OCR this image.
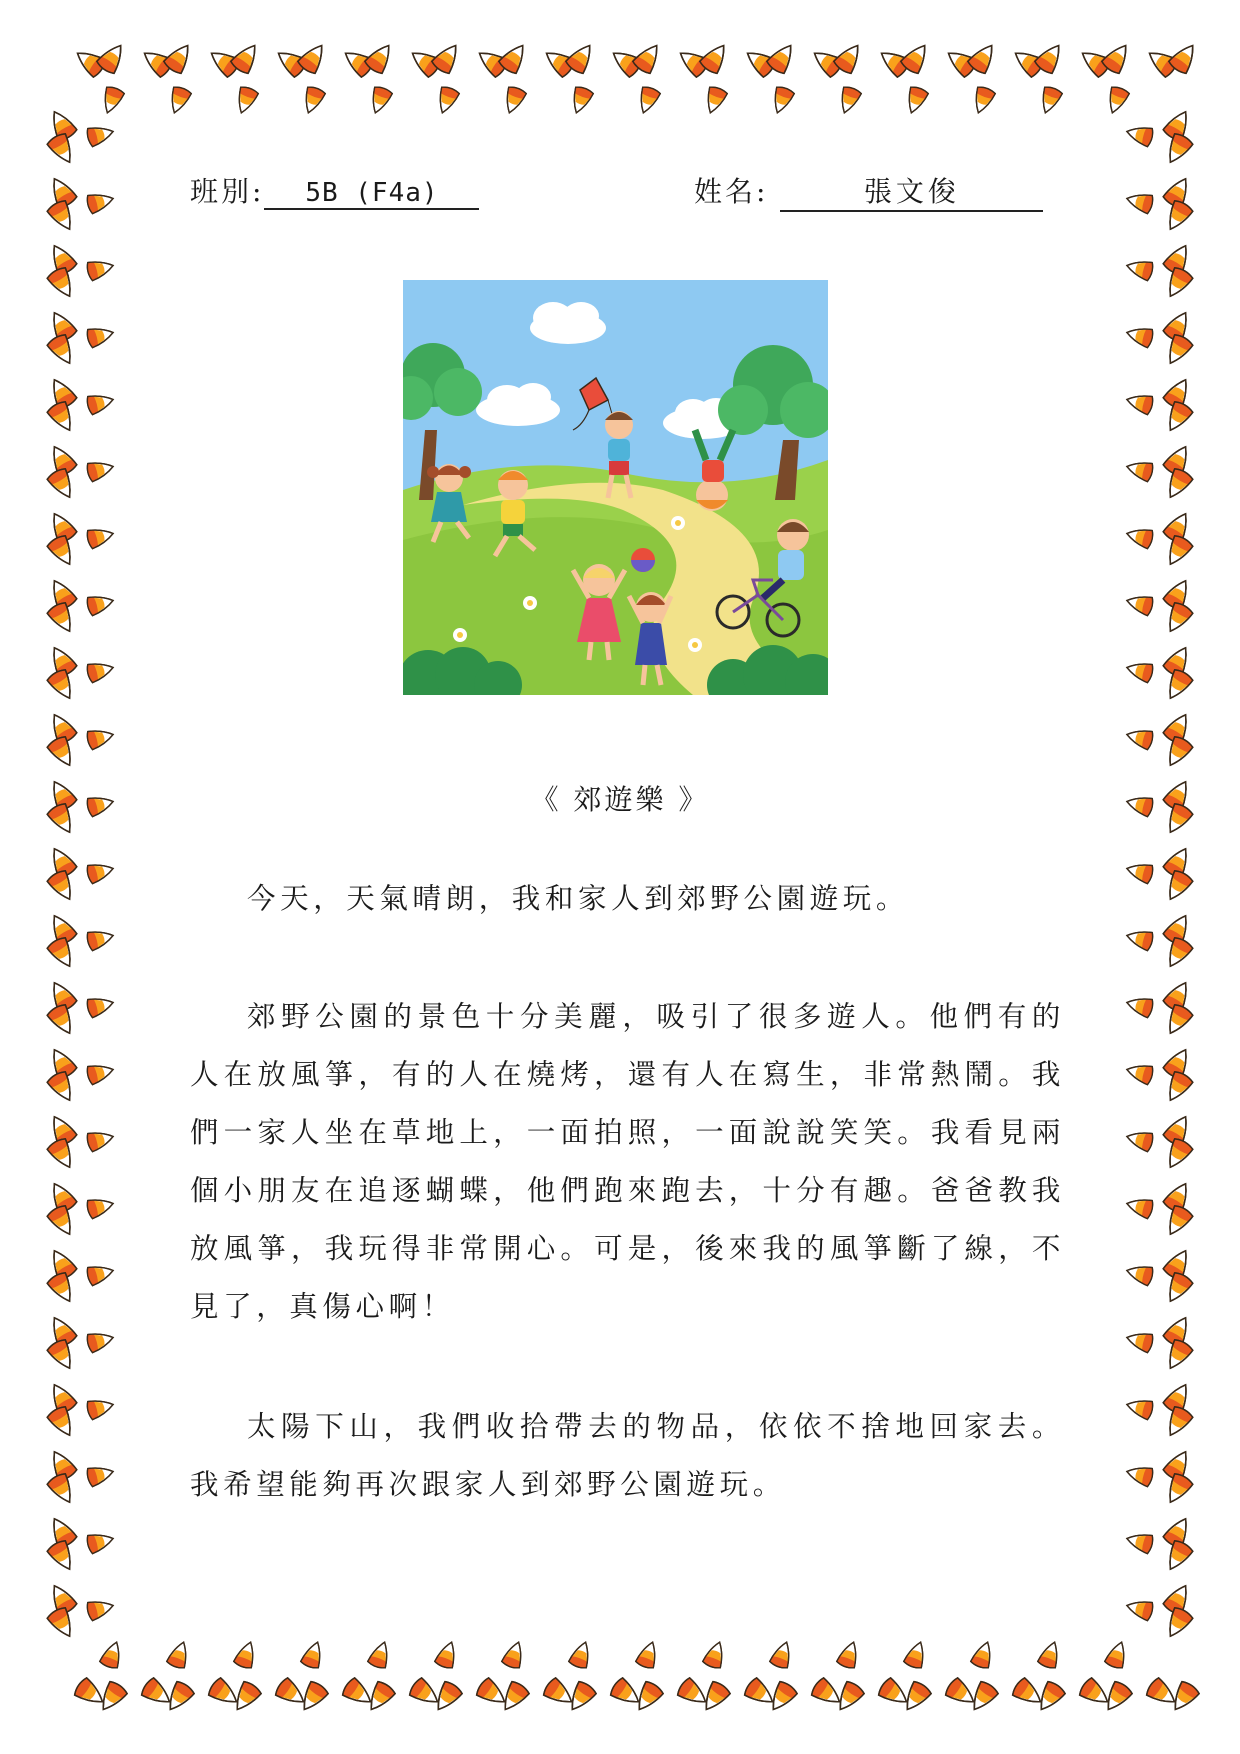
班別: 5B (F4a)	姓名:	張文俊
《 郊遊樂 》

今天，天氣晴朗，我和家人到郊野公園遊玩。

郊野公園的景色十分美麗，吸引了很多遊人。他們有的人在放風箏，有的人在燒烤，還有人在寫生，非常熱鬧。我們一家人坐在草地上，一面拍照，一面說說笑笑。我看見兩個小朋友在追逐蝴蝶，他們跑來跑去，十分有趣。爸爸教我放風箏，我玩得非常開心。可是，後來我的風箏斷了線，不見了，真傷心啊！

太陽下山，我們收拾帶去的物品，依依不捨地回家去。我希望能夠再次跟家人到郊野公園遊玩。
